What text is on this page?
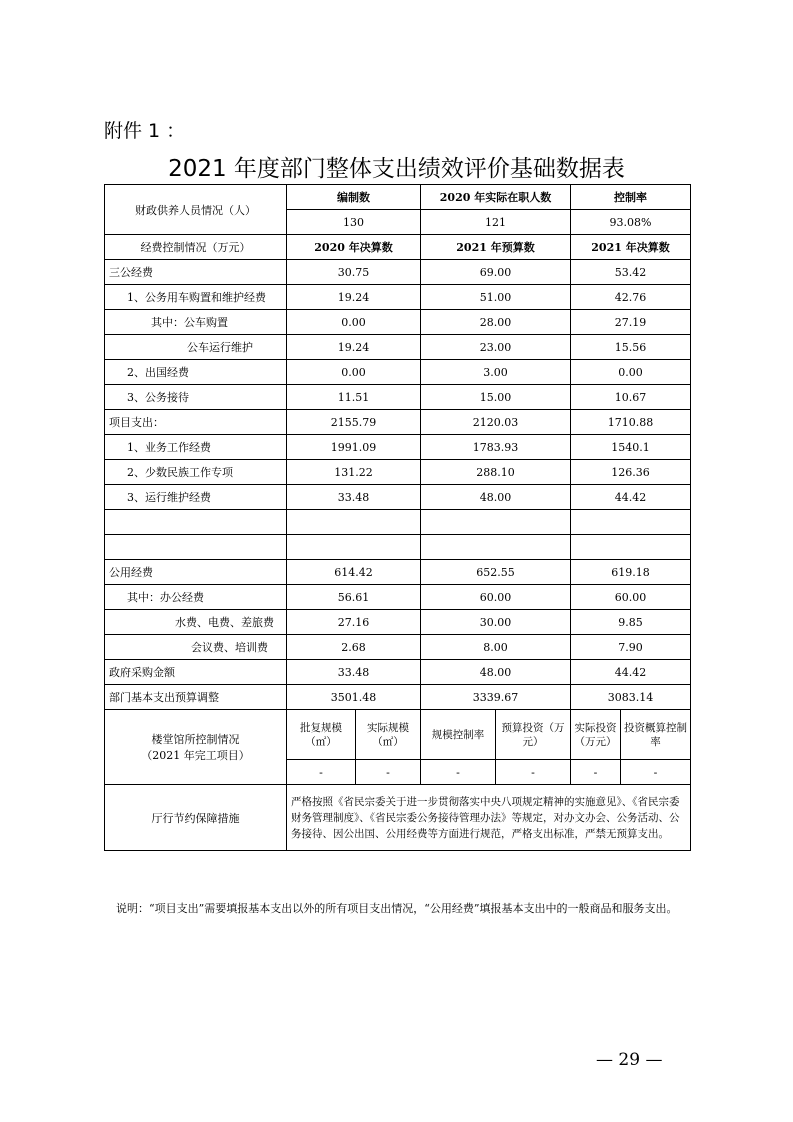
附件 1 ：
2021 年度部门整体支出绩效评价基础数据表
财政供养人员情况（人）	编制数		2020 年实际在职人数		控制率	
	130		121		93.08%	
经费控制情况（万元）	2020 年决算数		2021 年预算数		2021 年决算数	
三公经费	30.75		69.00		53.42	
1、公务用车购置和维护经费	19.24		51.00		42.76	
其中：公车购置	0.00		28.00		27.19	
公车运行维护	19.24		23.00		15.56	
2、出国经费	0.00		3.00		0.00	
3、公务接待	11.51		15.00		10.67	
项目支出：	2155.79		2120.03		1710.88	
1、业务工作经费	1991.09		1783.93		1540.1	
2、少数民族工作专项	131.22		288.10		126.36	
3、运行维护经费	33.48		48.00		44.42	

公用经费	614.42		652.55		619.18	
其中：办公经费	56.61		60.00		60.00	
水费、电费、差旅费	27.16		30.00		9.85	
会议费、培训费	2.68		8.00		7.90	
政府采购金额	33.48		48.00		44.42	
部门基本支出预算调整	3501.48		3339.67		3083.14	

楼堂馆所控制情况
（2021 年完工项目）	批复规模（㎡）	实际规模（㎡）	规模控制率	预算投资（万元）	实际投资（万元）	投资概算控制率
	-	-	-	-	-	-
厅行节约保障措施	严格按照《省民宗委关于进一步贯彻落实中央八项规定精神的实施意见》、《省民宗委财务管理制度》、《省民宗委公务接待管理办法》等规定，对办文办会、公务活动、公务接待、因公出国、公用经费等方面进行规范，严格支出标准，严禁无预算支出。					
说明：“项目支出”需要填报基本支出以外的所有项目支出情况，“公用经费”填报基本支出中的一般商品和服务支出。
— 29 —
